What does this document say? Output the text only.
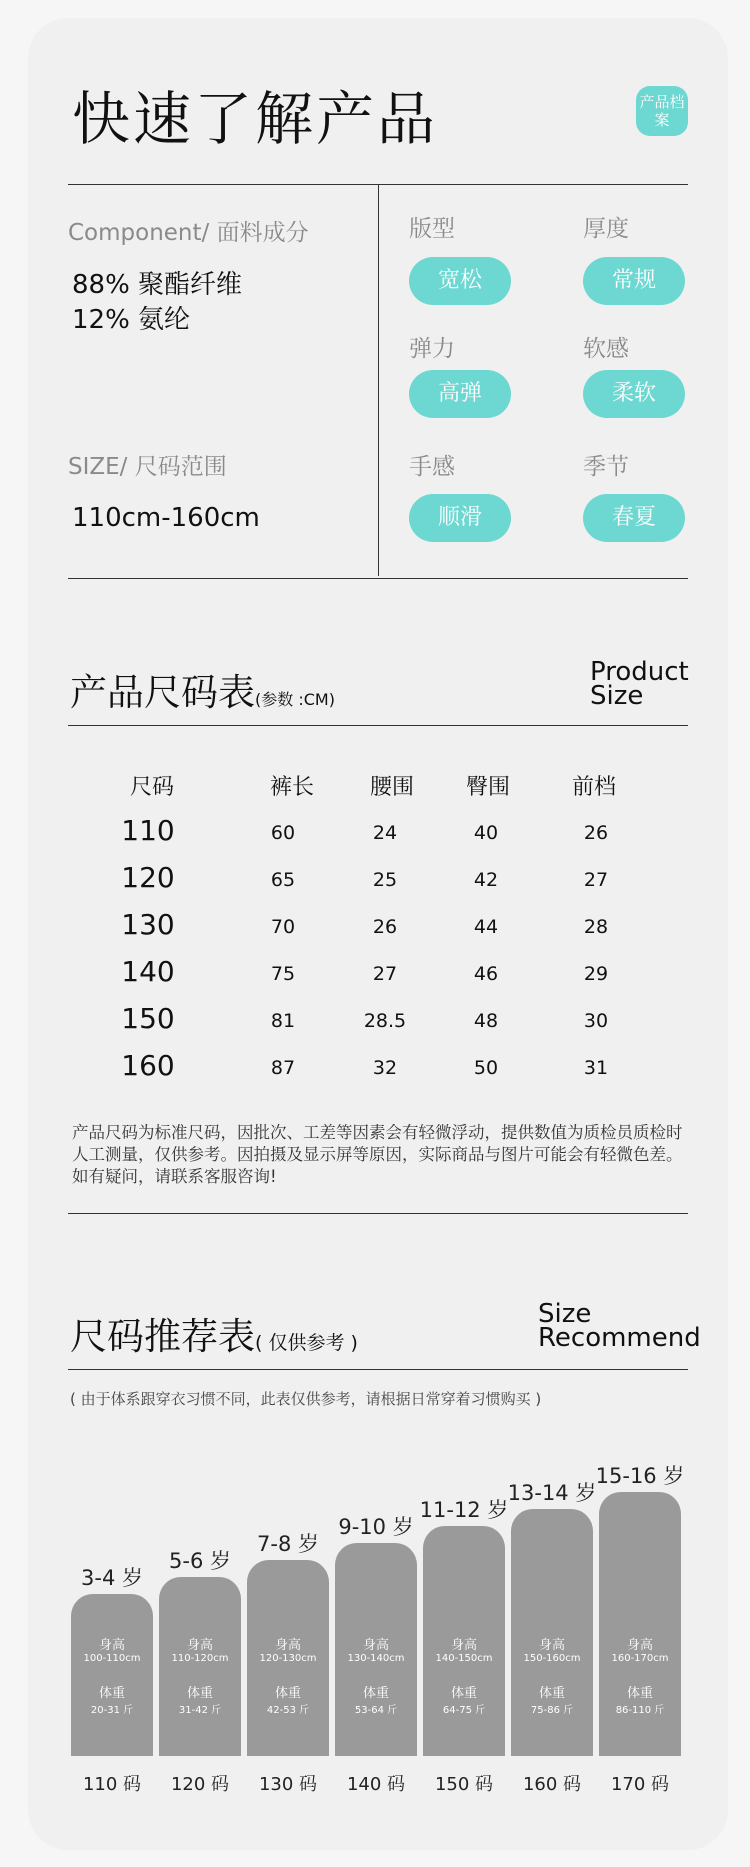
快速了解产品	产品档案
Component/ 面料成分
88% 聚酯纤维
12% 氨纶
SIZE/ 尺码范围
110cm-160cm
版型
宽松
厚度
常规
弹力
高弹
软感
柔软
手感
顺滑
季节
春夏
产品尺码表(参数 :CM)
Product
Size
尺码	裤长	腰围	臀围	前档
110	60	24	40	26
120	65	25	42	27
130	70	26	44	28
140	75	27	46	29
150	81	28.5	48	30
160	87	32	50	31
产品尺码为标准尺码，因批次、工差等因素会有轻微浮动，提供数值为质检员质检时人工测量，仅供参考。因拍摄及显示屏等原因，实际商品与图片可能会有轻微色差。如有疑问，请联系客服咨询!
尺码推荐表( 仅供参考 )
Size
Recommend
( 由于体系跟穿衣习惯不同，此表仅供参考，请根据日常穿着习惯购买 )
3-4 岁
身高
100-110cm
体重
20-31 斤
110 码
5-6 岁
身高
110-120cm
体重
31-42 斤
120 码
7-8 岁
身高
120-130cm
体重
42-53 斤
130 码
9-10 岁
身高
130-140cm
体重
53-64 斤
140 码
11-12 岁
身高
140-150cm
体重
64-75 斤
150 码
13-14 岁
身高
150-160cm
体重
75-86 斤
160 码
15-16 岁
身高
160-170cm
体重
86-110 斤
170 码
